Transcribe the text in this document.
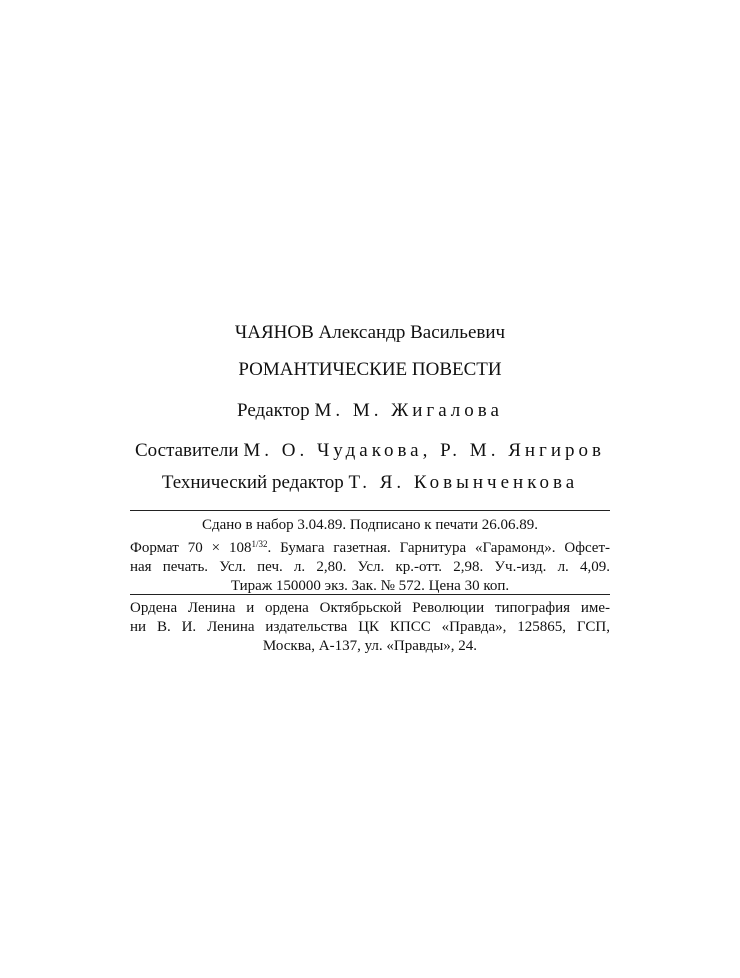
ЧАЯНОВ Александр Васильевич
РОМАНТИЧЕСКИЕ ПОВЕСТИ
Редактор М. М. Жигалова
Составители М. О. Чудакова, Р. М. Янгиров
Технический редактор Т. Я. Ковынченкова
Сдано в набор 3.04.89. Подписано к печати 26.06.89.
Формат $70 \times 108^{1/32}$. Бумага газетная. Гарнитура «Гарамонд». Офсет-
ная печать. Усл. печ. л. 2,80. Усл. кр.-отт. 2,98. Уч.-изд. л. 4,09.
Тираж 150000 экз. Зак. № 572. Цена 30 коп.
Ордена Ленина и ордена Октябрьской Революции типография име-
ни В. И. Ленина издательства ЦК КПСС «Правда», 125865, ГСП,
Москва, А-137, ул. «Правды», 24.
